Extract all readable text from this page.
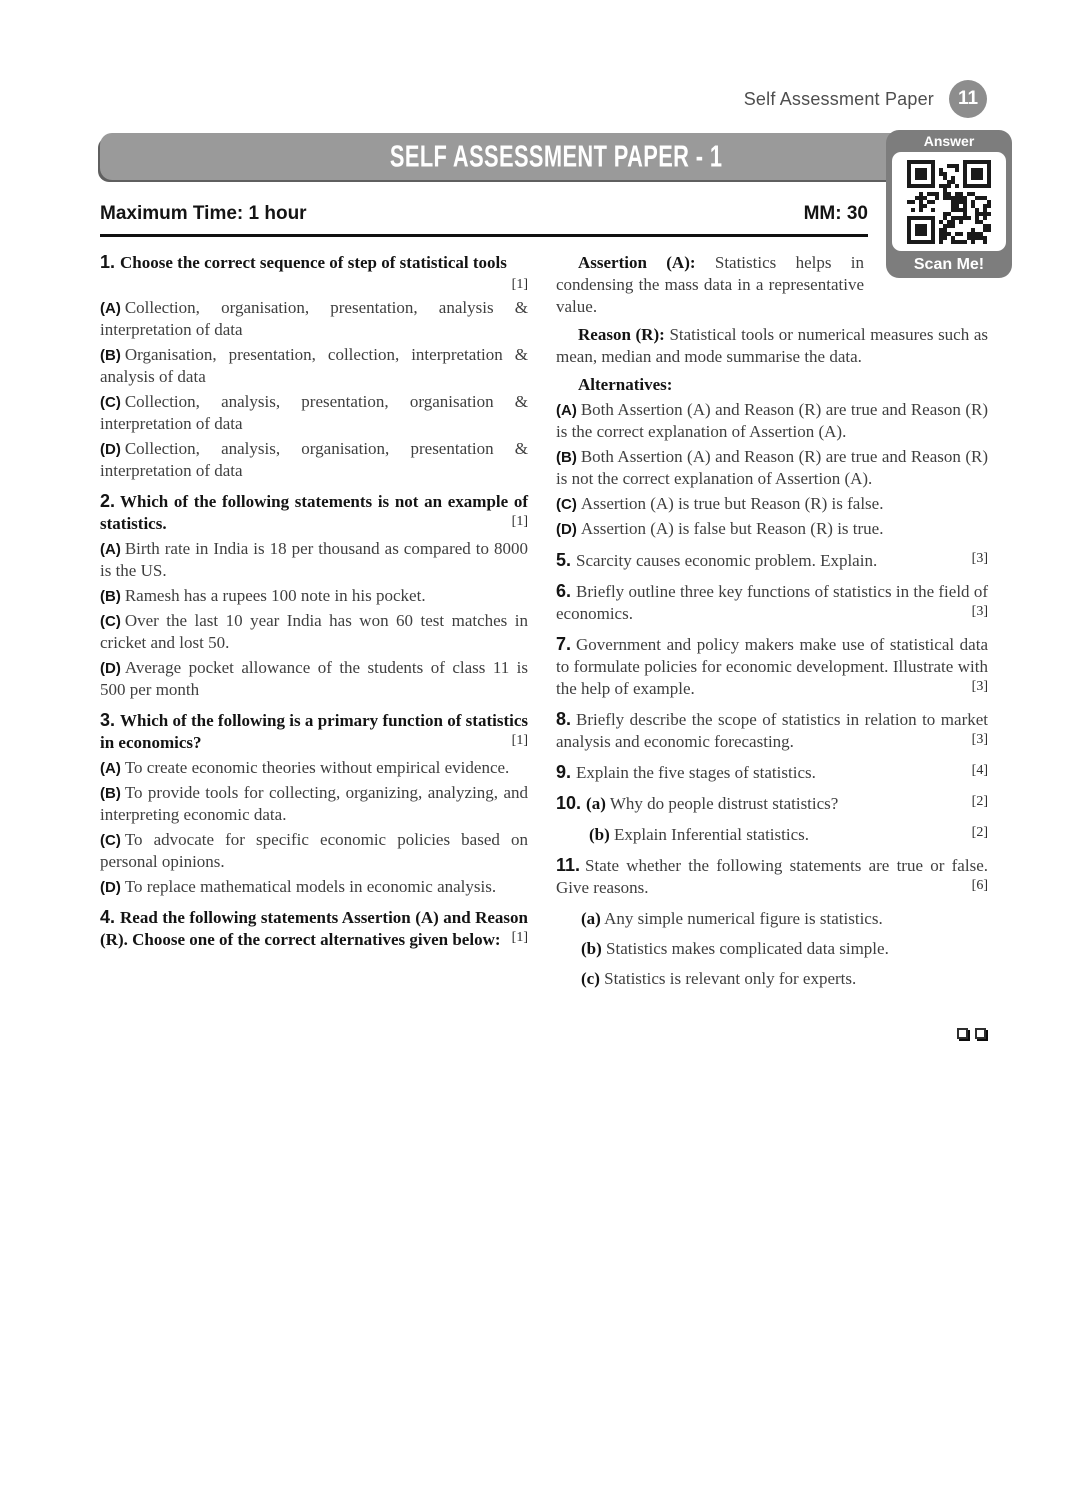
Self Assessment Paper	11
SELF ASSESSMENT PAPER - 1	Answer
Scan Me!
Maximum Time: 1 hour	MM: 30
1. Choose the correct sequence of step of statistical tools
[1]

(A) Collection, organisation, presentation, analysis & interpretation of data

(B) Organisation, presentation, collection, interpretation & analysis of data

(C) Collection, analysis, presentation, organisation & interpretation of data

(D) Collection, analysis, organisation, presentation & interpretation of data

2. Which of the following statements is not an example of statistics.	[1]

(A) Birth rate in India is 18 per thousand as compared to 8000 is the US.

(B) Ramesh has a rupees 100 note in his pocket.

(C) Over the last 10 year India has won 60 test matches in cricket and lost 50.

(D) Average pocket allowance of the students of class 11 is 500 per month

3. Which of the following is a primary function of statistics in economics?	[1]

(A) To create economic theories without empirical evidence.

(B) To provide tools for collecting, organizing, analyzing, and interpreting economic data.

(C) To advocate for specific economic policies based on personal opinions.

(D) To replace mathematical models in economic analysis.

4. Read the following statements Assertion (A) and Reason (R). Choose one of the correct alternatives given below: [1]

Assertion (A): Statistics helps in condensing the mass data in a representative value.

Reason (R): Statistical tools or numerical measures such as mean, median and mode summarise the data.

Alternatives:

(A) Both Assertion (A) and Reason (R) are true and Reason (R) is the correct explanation of Assertion (A).

(B) Both Assertion (A) and Reason (R) are true and Reason (R) is not the correct explanation of Assertion (A).

(C) Assertion (A) is true but Reason (R) is false.

(D) Assertion (A) is false but Reason (R) is true.

5. Scarcity causes economic problem. Explain.	[3]
6. Briefly outline three key functions of statistics in the field of economics.	[3]
7. Government and policy makers make use of statistical data to formulate policies for economic development. Illustrate with the help of example.	[3]
8. Briefly describe the scope of statistics in relation to market analysis and economic forecasting.	[3]
9. Explain the five stages of statistics.	[4]
10. (a) Why do people distrust statistics?	[2]
(b) Explain Inferential statistics.	[2]
11. State whether the following statements are true or false. Give reasons.	[6]
(a) Any simple numerical figure is statistics.
(b) Statistics makes complicated data simple.
(c) Statistics is relevant only for experts.
